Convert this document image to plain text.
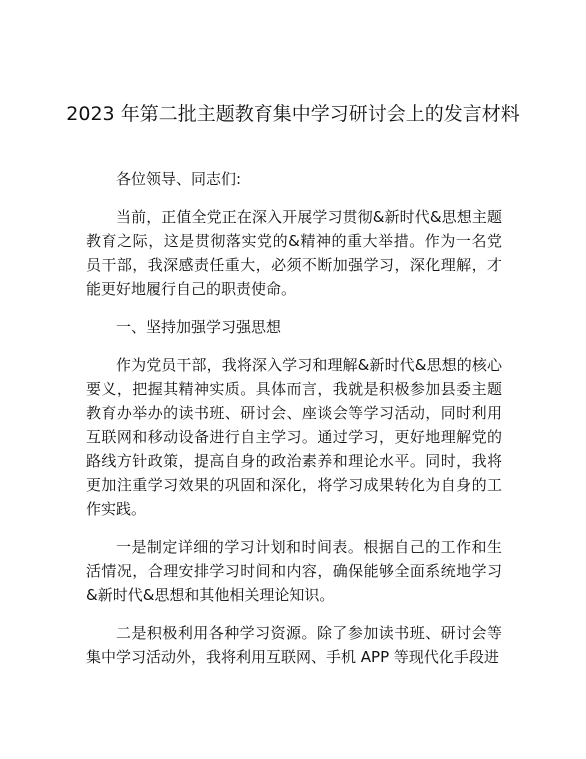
2023 年第二批主题教育集中学习研讨会上的发言材料

各位领导、同志们:

当前，正值全党正在深入开展学习贯彻&新时代&思想主题教育之际，这是贯彻落实党的&精神的重大举措。作为一名党员干部，我深感责任重大，必须不断加强学习，深化理解，才能更好地履行自己的职责使命。

一、坚持加强学习强思想

作为党员干部，我将深入学习和理解&新时代&思想的核心要义，把握其精神实质。具体而言，我就是积极参加县委主题教育办举办的读书班、研讨会、座谈会等学习活动，同时利用互联网和移动设备进行自主学习。通过学习，更好地理解党的路线方针政策，提高自身的政治素养和理论水平。同时，我将更加注重学习效果的巩固和深化，将学习成果转化为自身的工作实践。

一是制定详细的学习计划和时间表。根据自己的工作和生活情况，合理安排学习时间和内容，确保能够全面系统地学习&新时代&思想和其他相关理论知识。

二是积极利用各种学习资源。除了参加读书班、研讨会等集中学习活动外，我将利用互联网、手机 APP 等现代化手段进
